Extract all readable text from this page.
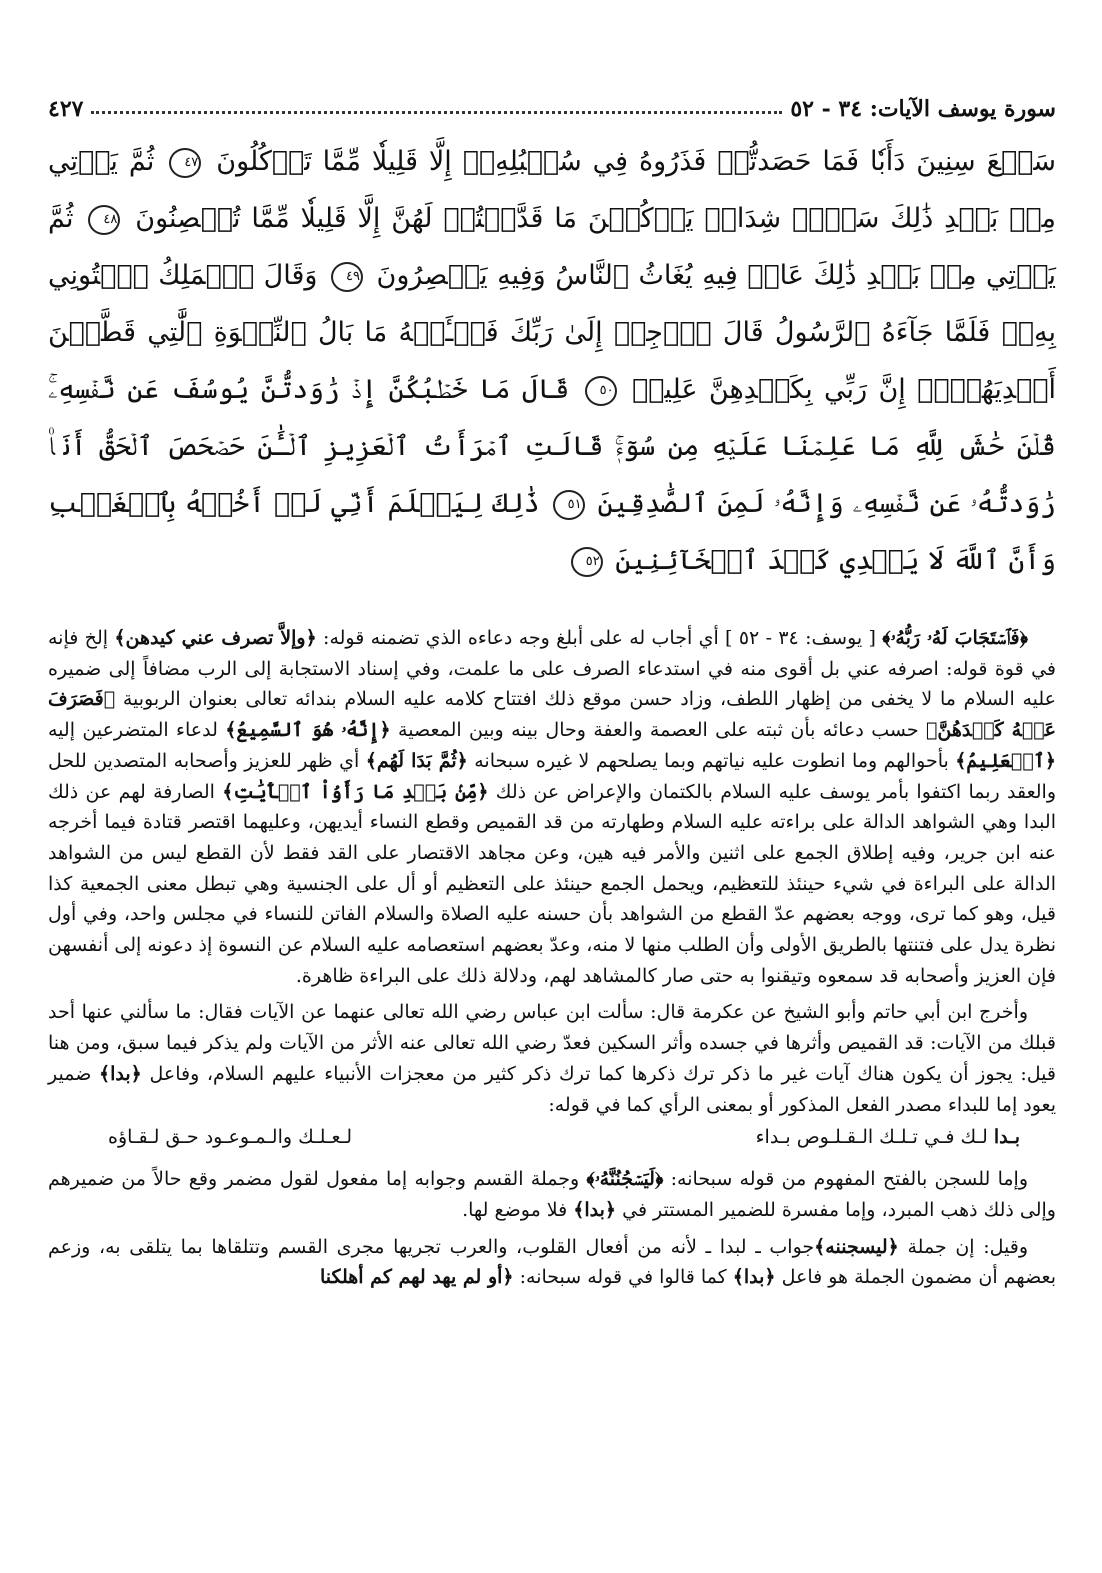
سورة يوسف الآيات: ٣٤ - ٥٢
٤٢٧
سَبۡعَ سِنِينَ دَأَبٗا فَمَا حَصَدتُّمۡ فَذَرُوهُ فِي سُنۢبُلِهِۦٓ إِلَّا قَلِيلٗا مِّمَّا تَأۡكُلُونَ ٤٧ ثُمَّ يَأۡتِي مِنۢ بَعۡدِ ذَٰلِكَ سَبۡعٞ شِدَادٞ يَأۡكُلۡنَ مَا قَدَّمۡتُمۡ لَهُنَّ إِلَّا قَلِيلٗا مِّمَّا تُحۡصِنُونَ ٤٨ ثُمَّ يَأۡتِي مِنۢ بَعۡدِ ذَٰلِكَ عَامٞ فِيهِ يُغَاثُ ٱلنَّاسُ وَفِيهِ يَعۡصِرُونَ ٤٩ وَقَالَ ٱلۡمَلِكُ ٱئۡتُونِي بِهِۦۖ فَلَمَّا جَآءَهُ ٱلرَّسُولُ قَالَ ٱرۡجِعۡ إِلَىٰ رَبِّكَ فَسۡـَٔلۡهُ مَا بَالُ ٱلنِّسۡوَةِ ٱلَّٰتِي قَطَّعۡنَ أَيۡدِيَهُنَّۚ إِنَّ رَبِّي بِكَيۡدِهِنَّ عَلِيمٞ ٥٠ قَالَ مَا خَطۡبُكُنَّ إِذۡ رَٰوَدتُّنَّ يُوسُفَ عَن نَّفۡسِهِۦۚ قُلۡنَ حَٰشَ لِلَّهِ مَا عَلِمۡنَا عَلَيۡهِ مِن سُوٓءٖۚ قَالَتِ ٱمۡرَأَتُ ٱلۡعَزِيزِ ٱلۡـَٰٔنَ حَصۡحَصَ ٱلۡحَقُّ أَنَا۠ رَٰوَدتُّهُۥ عَن نَّفۡسِهِۦ وَإِنَّهُۥ لَمِنَ ٱلصَّٰدِقِينَ ٥١ ذَٰلِكَ لِيَعۡلَمَ أَنِّي لَمۡ أَخُنۡهُ بِٱلۡغَيۡبِ وَأَنَّ ٱللَّهَ لَا يَهۡدِي كَيۡدَ ٱلۡخَآئِنِينَ ٥٢

﴿فَٱسۡتَجَابَ لَهُۥ رَبُّهُۥ﴾ [ يوسف: ٣٤ - ٥٢ ] أي أجاب له على أبلغ وجه دعاءه الذي تضمنه قوله: ﴿وإلاَّ تصرف عني كيدهن﴾ إلخ فإنه في قوة قوله: اصرفه عني بل أقوى منه في استدعاء الصرف على ما علمت، وفي إسناد الاستجابة إلى الرب مضافاً إلى ضميره عليه السلام ما لا يخفى من إظهار اللطف، وزاد حسن موقع ذلك افتتاح كلامه عليه السلام بندائه تعالى بعنوان الربوبية ﴿فَصَرَفَ عَنۡهُ كَيۡدَهُنَّ﴾ حسب دعائه بأن ثبته على العصمة والعفة وحال بينه وبين المعصية ﴿إِنَّهُۥ هُوَ ٱلسَّمِيعُ﴾ لدعاء المتضرعين إليه ﴿ٱلۡعَلِيمُ﴾ بأحوالهم وما انطوت عليه نياتهم وبما يصلحهم لا غيره سبحانه ﴿ثُمَّ بَدَا لَهُم﴾ أي ظهر للعزيز وأصحابه المتصدين للحل والعقد ربما اكتفوا بأمر يوسف عليه السلام بالكتمان والإعراض عن ذلك ﴿مِّنۢ بَعۡدِ مَا رَأَوُاْ ٱلۡأٓيَٰتِ﴾ الصارفة لهم عن ذلك البدا وهي الشواهد الدالة على براءته عليه السلام وطهارته من قد القميص وقطع النساء أيديهن، وعليهما اقتصر قتادة فيما أخرجه عنه ابن جرير، وفيه إطلاق الجمع على اثنين والأمر فيه هين، وعن مجاهد الاقتصار على القد فقط لأن القطع ليس من الشواهد الدالة على البراءة في شيء حينئذ للتعظيم، ويحمل الجمع حينئذ على التعظيم أو أل على الجنسية وهي تبطل معنى الجمعية كذا قيل، وهو كما ترى، ووجه بعضهم عدّ القطع من الشواهد بأن حسنه عليه الصلاة والسلام الفاتن للنساء في مجلس واحد، وفي أول نظرة يدل على فتنتها بالطريق الأولى وأن الطلب منها لا منه، وعدّ بعضهم استعصامه عليه السلام عن النسوة إذ دعونه إلى أنفسهن فإن العزيز وأصحابه قد سمعوه وتيقنوا به حتى صار كالمشاهد لهم، ودلالة ذلك على البراءة ظاهرة.

وأخرج ابن أبي حاتم وأبو الشيخ عن عكرمة قال: سألت ابن عباس رضي الله تعالى عنهما عن الآيات فقال: ما سألني عنها أحد قبلك من الآيات: قد القميص وأثرها في جسده وأثر السكين فعدّ رضي الله تعالى عنه الأثر من الآيات ولم يذكر فيما سبق، ومن هنا قيل: يجوز أن يكون هناك آيات غير ما ذكر ترك ذكرها كما ترك ذكر كثير من معجزات الأنبياء عليهم السلام، وفاعل ﴿بدا﴾ ضمير يعود إما للبداء مصدر الفعل المذكور أو بمعنى الرأي كما في قوله:

بـدا لـك فـي تـلـك الـقـلـوص بـداء
لـعـلـك والـمـوعـود حـق لـقـاؤه

وإما للسجن بالفتح المفهوم من قوله سبحانه: ﴿لَيَسۡجُنُنَّهُۥ﴾ وجملة القسم وجوابه إما مفعول لقول مضمر وقع حالاً من ضميرهم وإلى ذلك ذهب المبرد، وإما مفسرة للضمير المستتر في ﴿بدا﴾ فلا موضع لها.

وقيل: إن جملة ﴿ليسجننه﴾جواب ـ لبدا ـ لأنه من أفعال القلوب، والعرب تجريها مجرى القسم وتتلقاها بما يتلقى به، وزعم بعضهم أن مضمون الجملة هو فاعل ﴿بدا﴾ كما قالوا في قوله سبحانه: ﴿أو لم يهد لهم كم أهلكنا
